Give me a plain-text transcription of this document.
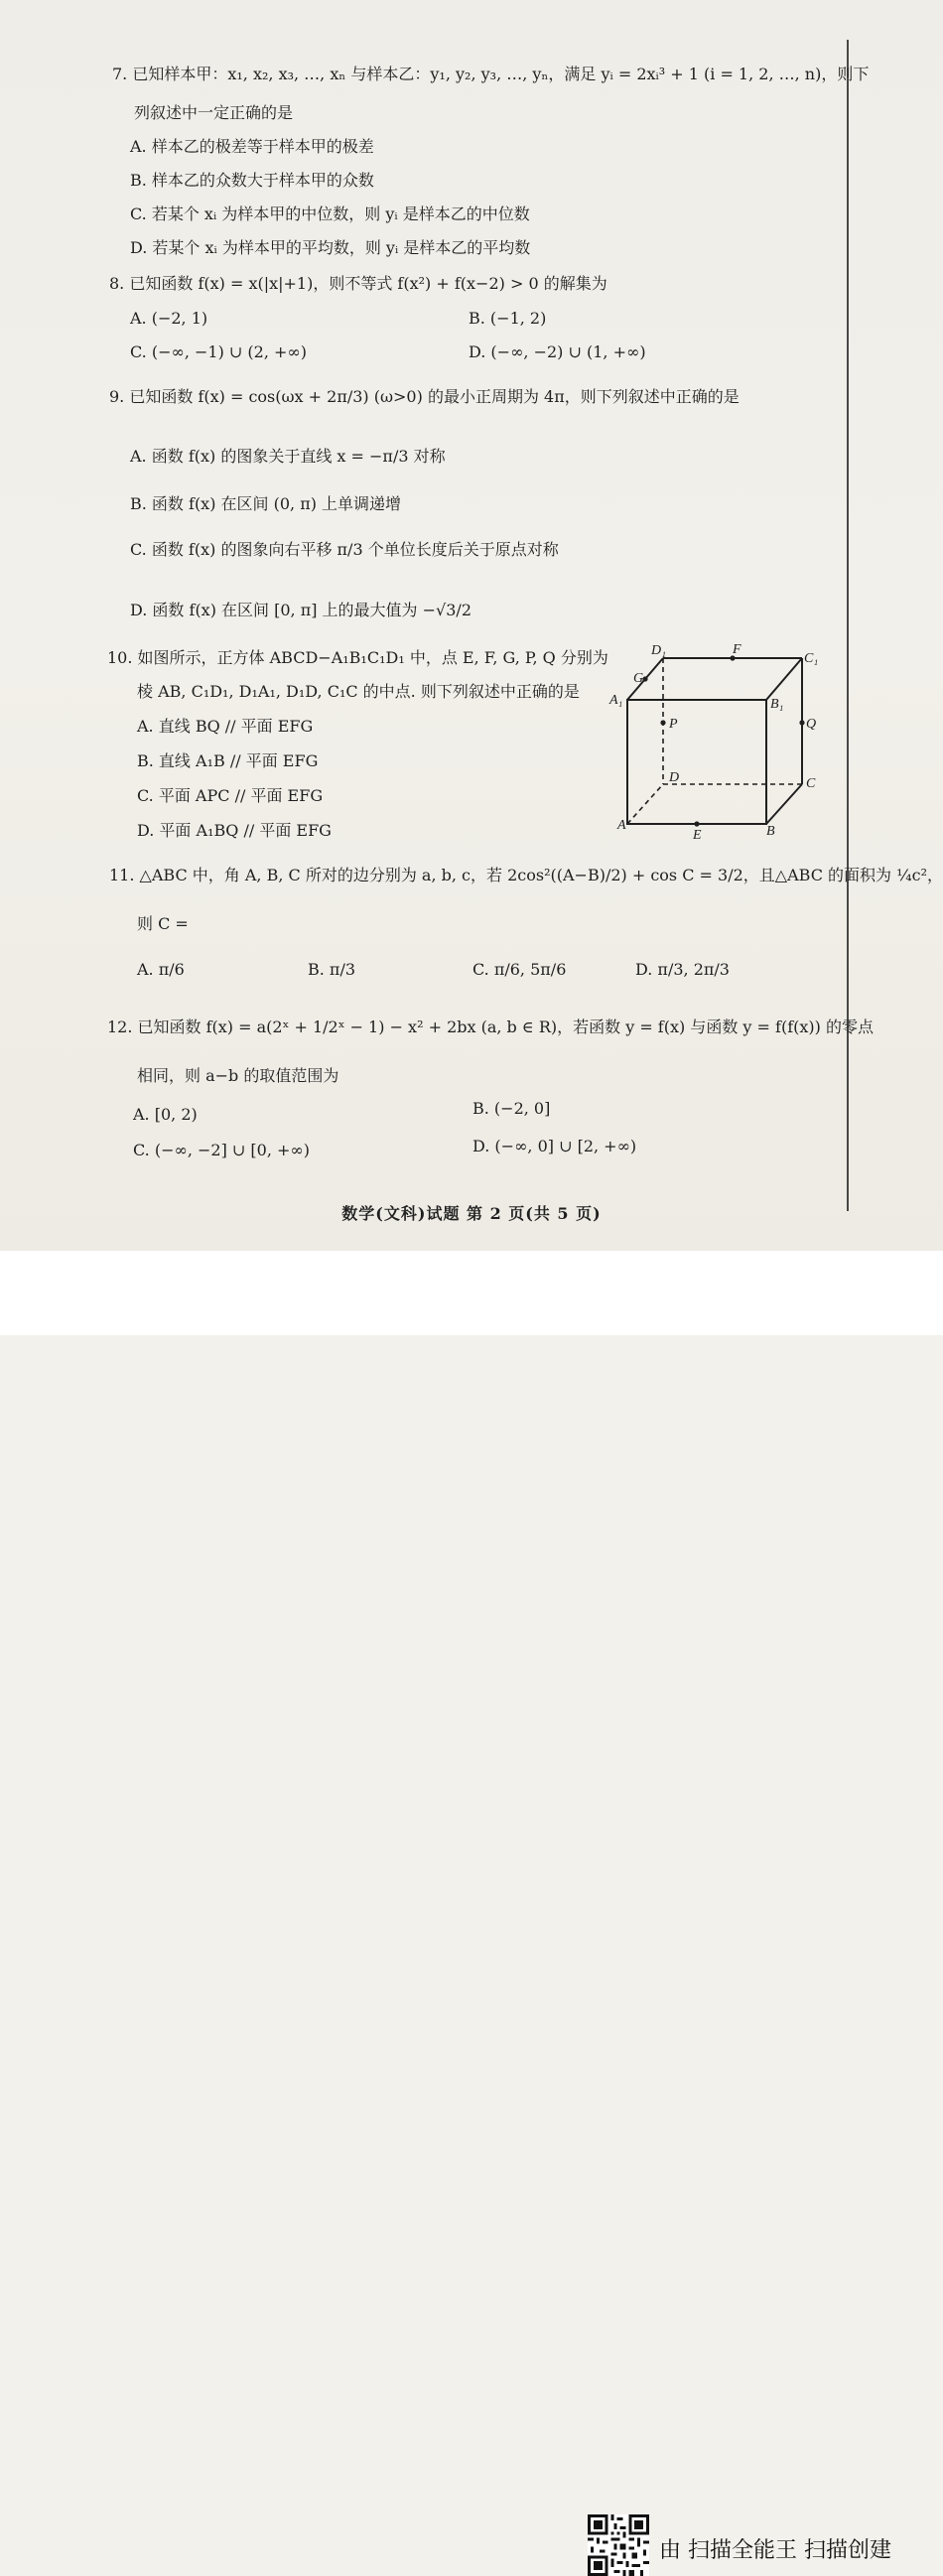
7. 已知样本甲：x₁, x₂, x₃, …, xₙ 与样本乙：y₁, y₂, y₃, …, yₙ，满足 yᵢ = 2xᵢ³ + 1 (i = 1, 2, …, n)，则下
列叙述中一定正确的是
A. 样本乙的极差等于样本甲的极差
B. 样本乙的众数大于样本甲的众数
C. 若某个 xᵢ 为样本甲的中位数，则 yᵢ 是样本乙的中位数
D. 若某个 xᵢ 为样本甲的平均数，则 yᵢ 是样本乙的平均数
8. 已知函数 f(x) = x(|x|+1)，则不等式 f(x²) + f(x−2) > 0 的解集为
A. (−2, 1)	B. (−1, 2)
C. (−∞, −1) ∪ (2, +∞)	D. (−∞, −2) ∪ (1, +∞)
9. 已知函数 f(x) = cos(ωx + 2π/3) (ω>0) 的最小正周期为 4π，则下列叙述中正确的是
A. 函数 f(x) 的图象关于直线 x = −π/3 对称
B. 函数 f(x) 在区间 (0, π) 上单调递增
C. 函数 f(x) 的图象向右平移 π/3 个单位长度后关于原点对称
D. 函数 f(x) 在区间 [0, π] 上的最大值为 −√3/2
10. 如图所示，正方体 ABCD−A₁B₁C₁D₁ 中，点 E, F, G, P, Q 分别为
棱 AB, C₁D₁, D₁A₁, D₁D, C₁C 的中点. 则下列叙述中正确的是
A. 直线 BQ // 平面 EFG
B. 直线 A₁B // 平面 EFG
C. 平面 APC // 平面 EFG
D. 平面 A₁BQ // 平面 EFG
D₁	F
C₁
G
A₁	B₁
P	Q
D	C
A
E	B
11. △ABC 中，角 A, B, C 所对的边分别为 a, b, c，若 2cos²((A−B)/2) + cos C = 3/2，且△ABC 的面积为 ¼c²，
则 C =
A. π/6	B. π/3	C. π/6, 5π/6	D. π/3, 2π/3
12. 已知函数 f(x) = a(2ˣ + 1/2ˣ − 1) − x² + 2bx (a, b ∈ R)，若函数 y = f(x) 与函数 y = f(f(x)) 的零点
相同，则 a−b 的取值范围为
A. [0, 2)	B. (−2, 0]
C. (−∞, −2] ∪ [0, +∞)	D. (−∞, 0] ∪ [2, +∞)
数学(文科)试题 第 2 页(共 5 页)
由 扫描全能王 扫描创建
